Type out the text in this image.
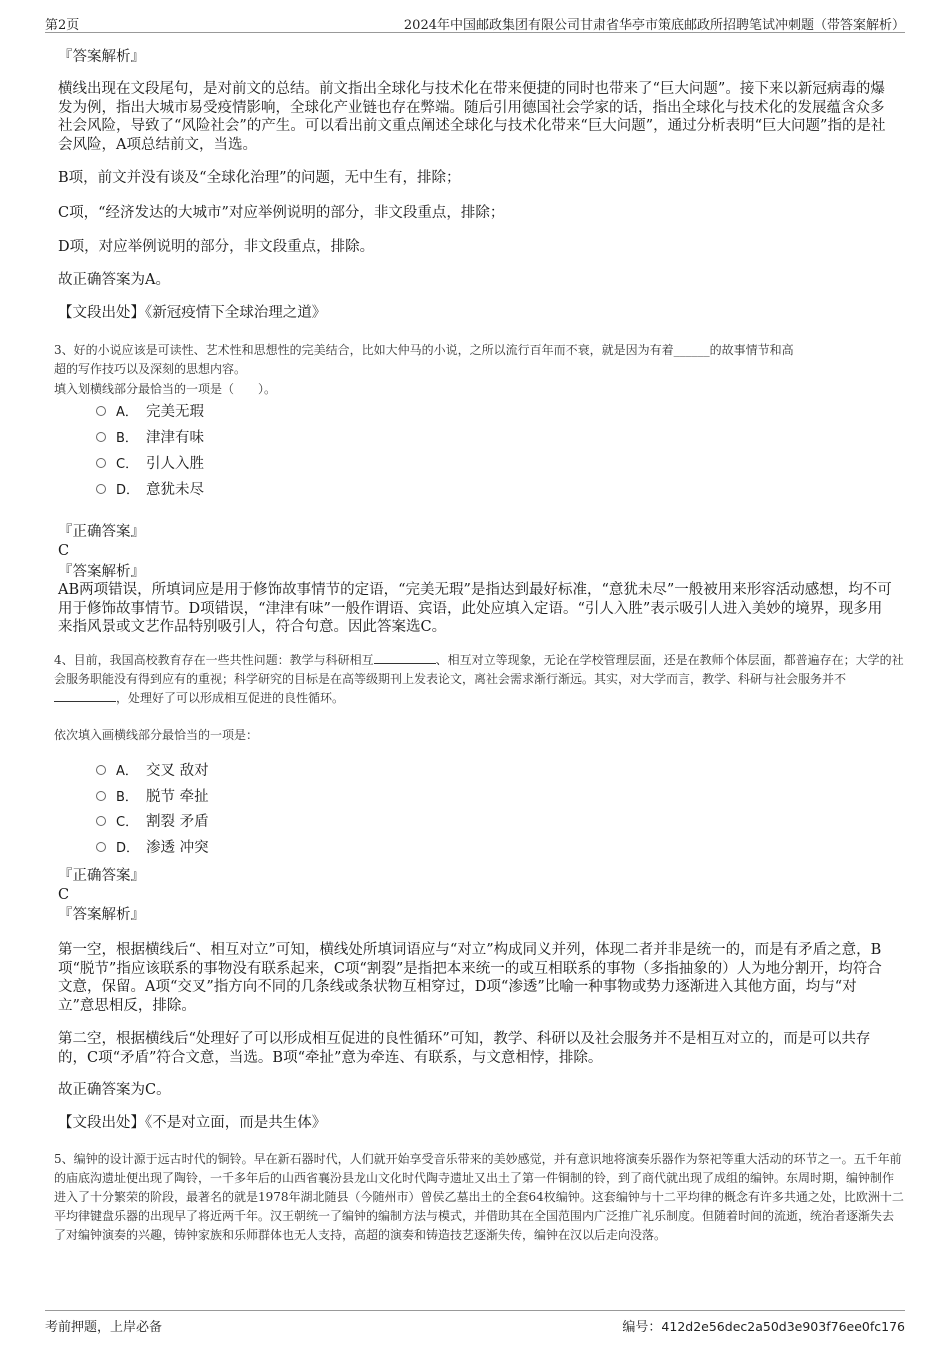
第2页	2024年中国邮政集团有限公司甘肃省华亭市策底邮政所招聘笔试冲刺题（带答案解析）
『答案解析』
横线出现在文段尾句，是对前文的总结。前文指出全球化与技术化在带来便捷的同时也带来了“巨大问题”。接下来以新冠病毒的爆发为例，指出大城市易受疫情影响，全球化产业链也存在弊端。随后引用德国社会学家的话，指出全球化与技术化的发展蕴含众多社会风险，导致了“风险社会”的产生。可以看出前文重点阐述全球化与技术化带来“巨大问题”，通过分析表明“巨大问题”指的是社会风险，A项总结前文，当选。
B项，前文并没有谈及“全球化治理”的问题，无中生有，排除；
C项，“经济发达的大城市”对应举例说明的部分，非文段重点，排除；
D项，对应举例说明的部分，非文段重点，排除。
故正确答案为A。
【文段出处】《新冠疫情下全球治理之道》
3、好的小说应该是可读性、艺术性和思想性的完美结合，比如大仲马的小说，之所以流行百年而不衰，就是因为有着______的故事情节和高
超的写作技巧以及深刻的思想内容。
填入划横线部分最恰当的一项是（　　）。
A． 完美无瑕
B． 津津有味
C． 引人入胜
D． 意犹未尽
『正确答案』
C
『答案解析』
AB两项错误，所填词应是用于修饰故事情节的定语，“完美无瑕”是指达到最好标准，“意犹未尽”一般被用来形容活动感想，均不可用于修饰故事情节。D项错误，“津津有味”一般作谓语、宾语，此处应填入定语。“引人入胜”表示吸引人进入美妙的境界，现多用来指风景或文艺作品特别吸引人，符合句意。因此答案选C。
4、目前，我国高校教育存在一些共性问题：教学与科研相互	、相互对立等现象，无论在学校管理层面，还是在教师个体层面，都普遍存在；大学的社会服务职能没有得到应有的重视；科学研究的目标是在高等级期刊上发表论文，离社会需求渐行渐远。其实，对大学而言，教学、科研与社会服务并不，处理好了可以形成相互促进的良性循环。
依次填入画横线部分最恰当的一项是：
A． 交叉 敌对
B． 脱节 牵扯
C． 割裂 矛盾
D． 渗透 冲突
『正确答案』
C
『答案解析』
第一空，根据横线后“、相互对立”可知，横线处所填词语应与“对立”构成同义并列，体现二者并非是统一的，而是有矛盾之意，B项“脱节”指应该联系的事物没有联系起来，C项“割裂”是指把本来统一的或互相联系的事物（多指抽象的）人为地分割开，均符合文意，保留。A项“交叉”指方向不同的几条线或条状物互相穿过，D项“渗透”比喻一种事物或势力逐渐进入其他方面，均与“对立”意思相反，排除。
第二空，根据横线后“处理好了可以形成相互促进的良性循环”可知，教学、科研以及社会服务并不是相互对立的，而是可以共存的，C项“矛盾”符合文意，当选。B项“牵扯”意为牵连、有联系，与文意相悖，排除。
故正确答案为C。
【文段出处】《不是对立面，而是共生体》
5、编钟的设计源于远古时代的铜铃。早在新石器时代，人们就开始享受音乐带来的美妙感觉，并有意识地将演奏乐器作为祭祀等重大活动的环节之一。五千年前的庙底沟遗址便出现了陶铃，一千多年后的山西省襄汾县龙山文化时代陶寺遗址又出土了第一件铜制的铃，到了商代就出现了成组的编钟。东周时期，编钟制作进入了十分繁荣的阶段，最著名的就是1978年湖北随县（今随州市）曾侯乙墓出土的全套64枚编钟。这套编钟与十二平均律的概念有许多共通之处，比欧洲十二平均律键盘乐器的出现早了将近两千年。汉王朝统一了编钟的编制方法与模式，并借助其在全国范围内广泛推广礼乐制度。但随着时间的流逝，统治者逐渐失去了对编钟演奏的兴趣，铸钟家族和乐师群体也无人支持，高超的演奏和铸造技艺逐渐失传，编钟在汉以后走向没落。
考前押题，上岸必备	编号：412d2e56dec2a50d3e903f76ee0fc176
